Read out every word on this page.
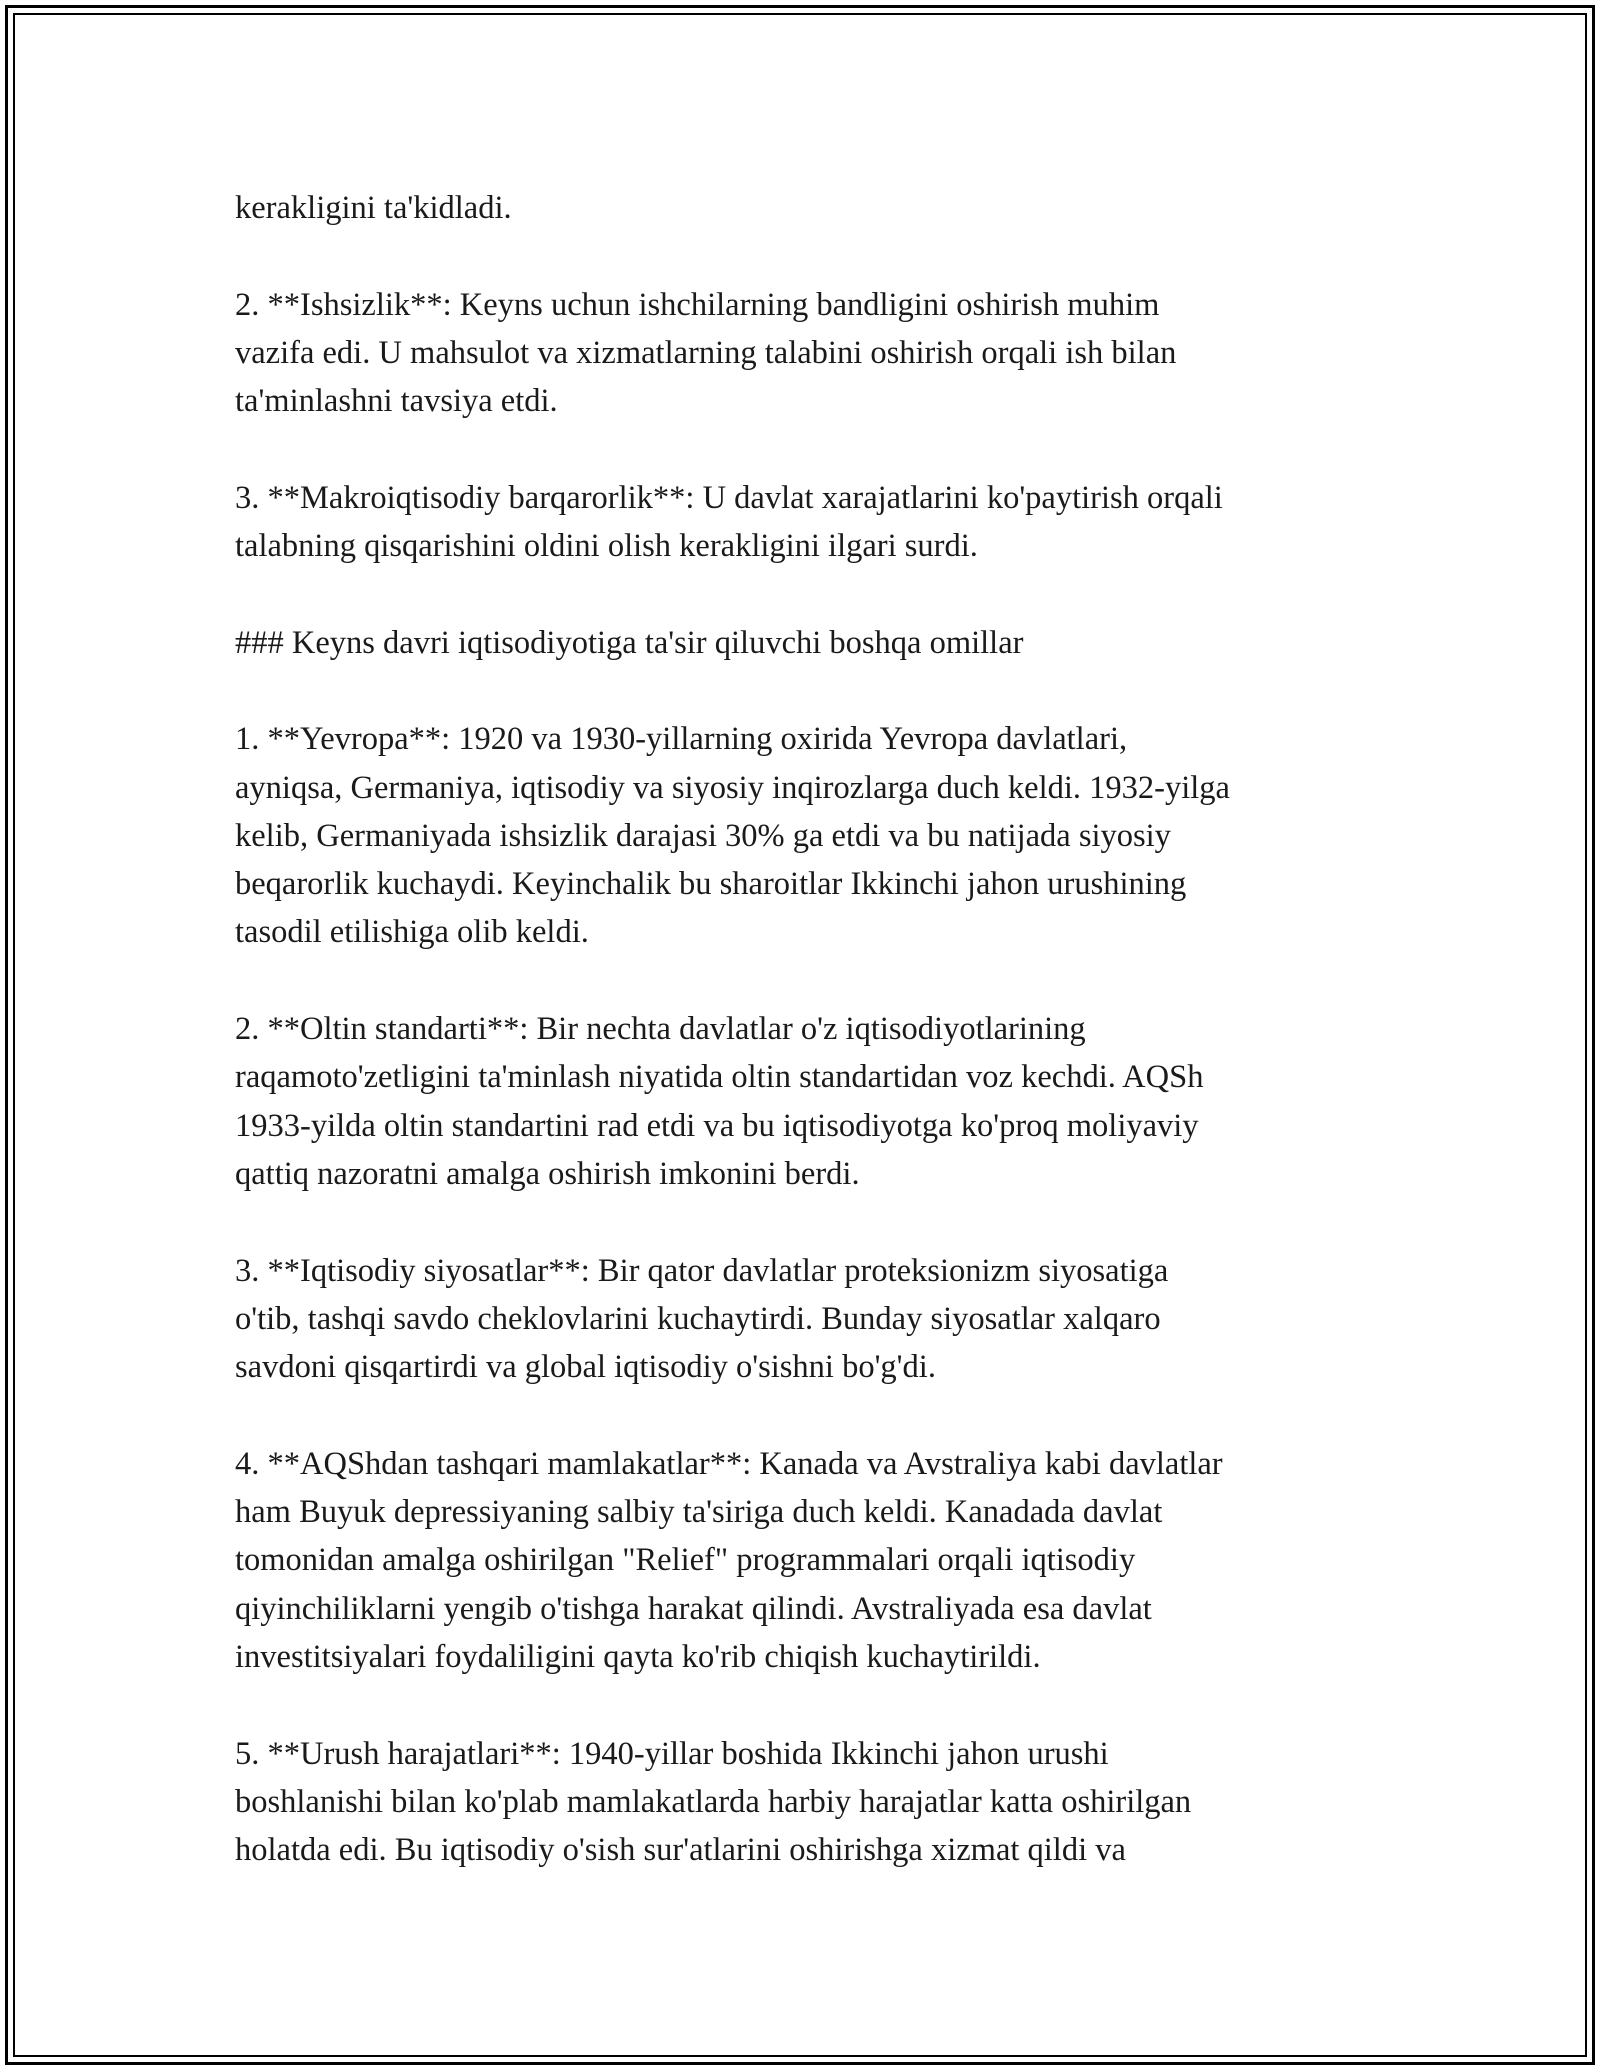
kerakligini ta'kidladi.

2. **Ishsizlik**: Keyns uchun ishchilarning bandligini oshirish muhim
vazifa edi. U mahsulot va xizmatlarning talabini oshirish orqali ish bilan
ta'minlashni tavsiya etdi.

3. **Makroiqtisodiy barqarorlik**: U davlat xarajatlarini ko'paytirish orqali
talabning qisqarishini oldini olish kerakligini ilgari surdi.

### Keyns davri iqtisodiyotiga ta'sir qiluvchi boshqa omillar

1. **Yevropa**: 1920 va 1930-yillarning oxirida Yevropa davlatlari,
ayniqsa, Germaniya, iqtisodiy va siyosiy inqirozlarga duch keldi. 1932-yilga
kelib, Germaniyada ishsizlik darajasi 30% ga etdi va bu natijada siyosiy
beqarorlik kuchaydi. Keyinchalik bu sharoitlar Ikkinchi jahon urushining
tasodil etilishiga olib keldi.

2. **Oltin standarti**: Bir nechta davlatlar o'z iqtisodiyotlarining
raqamoto'zetligini ta'minlash niyatida oltin standartidan voz kechdi. AQSh
1933-yilda oltin standartini rad etdi va bu iqtisodiyotga ko'proq moliyaviy
qattiq nazoratni amalga oshirish imkonini berdi.

3. **Iqtisodiy siyosatlar**: Bir qator davlatlar proteksionizm siyosatiga
o'tib, tashqi savdo cheklovlarini kuchaytirdi. Bunday siyosatlar xalqaro
savdoni qisqartirdi va global iqtisodiy o'sishni bo'g'di.

4. **AQShdan tashqari mamlakatlar**: Kanada va Avstraliya kabi davlatlar
ham Buyuk depressiyaning salbiy ta'siriga duch keldi. Kanadada davlat
tomonidan amalga oshirilgan "Relief" programmalari orqali iqtisodiy
qiyinchiliklarni yengib o'tishga harakat qilindi. Avstraliyada esa davlat
investitsiyalari foydaliligini qayta ko'rib chiqish kuchaytirildi.

5. **Urush harajatlari**: 1940-yillar boshida Ikkinchi jahon urushi
boshlanishi bilan ko'plab mamlakatlarda harbiy harajatlar katta oshirilgan
holatda edi. Bu iqtisodiy o'sish sur'atlarini oshirishga xizmat qildi va
